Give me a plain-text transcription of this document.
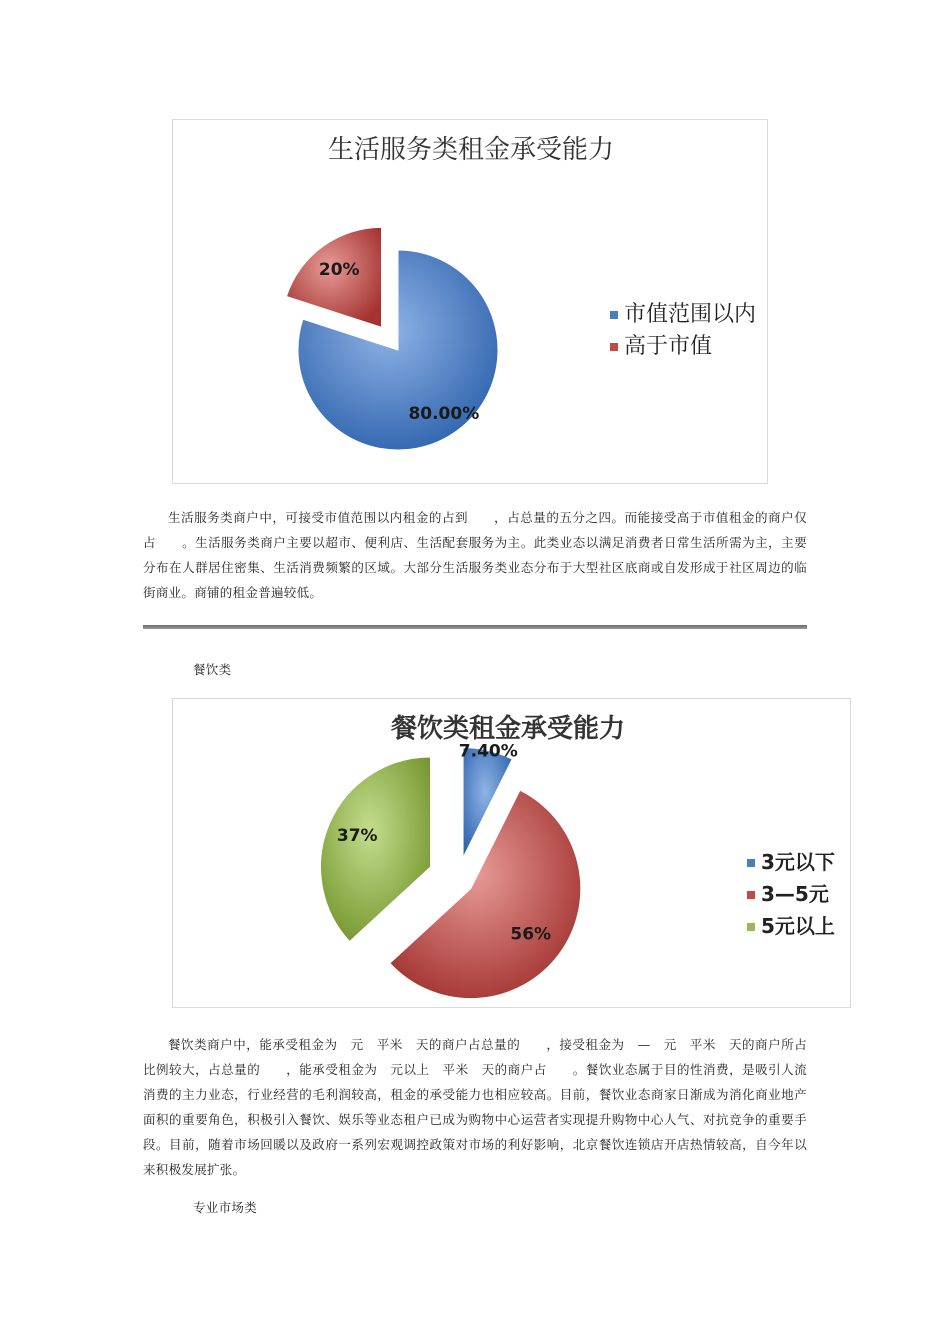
生活服务类租金承受能力
80.00%
20%
市值范围以内
高于市值

生活服务类商户中，可接受市值范围以内租金的占到　　，占总量的五分之四。而能接受高于市值租金的商户仅占　　。生活服务类商户主要以超市、便利店、生活配套服务为主。此类业态以满足消费者日常生活所需为主，主要分布在人群居住密集、生活消费频繁的区域。大部分生活服务类业态分布于大型社区底商或自发形成于社区周边的临街商业。商铺的租金普遍较低。

餐饮类
餐饮类租金承受能力
7.40%
56%
37%
3元以下
3—5元
5元以上

餐饮类商户中，能承受租金为　元　平米　天的商户占总量的　　，接受租金为　—　元　平米　天的商户所占比例较大，占总量的　　，能承受租金为　元以上　平米　天的商户占　　。餐饮业态属于目的性消费，是吸引人流消费的主力业态，行业经营的毛利润较高，租金的承受能力也相应较高。目前，餐饮业态商家日渐成为消化商业地产面积的重要角色，积极引入餐饮、娱乐等业态租户已成为购物中心运营者实现提升购物中心人气、对抗竞争的重要手段。目前，随着市场回暖以及政府一系列宏观调控政策对市场的利好影响，北京餐饮连锁店开店热情较高，自今年以来积极发展扩张。

专业市场类
